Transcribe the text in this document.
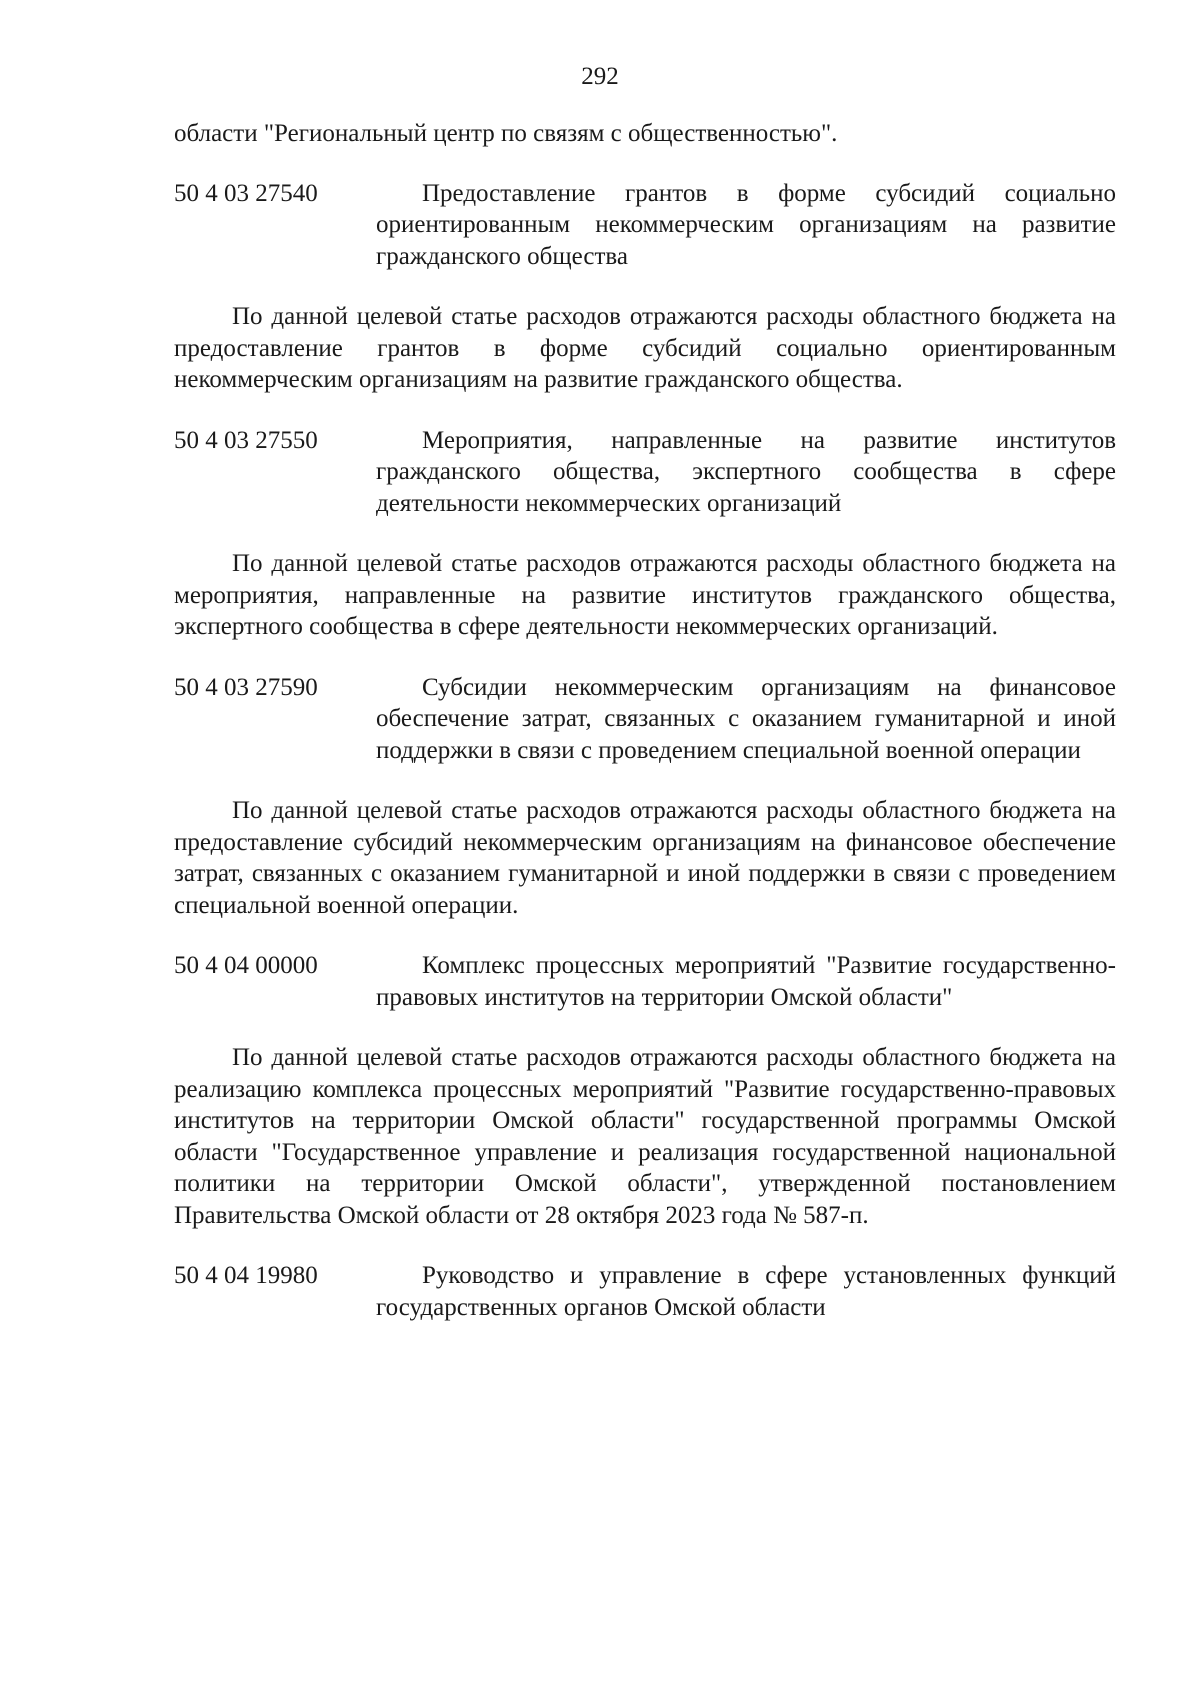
292

области "Региональный центр по связям с общественностью".

50 4 03 27540	Предоставление грантов в форме субсидий социально ориентированным некоммерческим организациям на развитие гражданского общества

По данной целевой статье расходов отражаются расходы областного бюджета на предоставление грантов в форме субсидий социально ориентированным некоммерческим организациям на развитие гражданского общества.

50 4 03 27550	Мероприятия, направленные на развитие институтов гражданского общества, экспертного сообщества в сфере деятельности некоммерческих организаций

По данной целевой статье расходов отражаются расходы областного бюджета на мероприятия, направленные на развитие институтов гражданского общества, экспертного сообщества в сфере деятельности некоммерческих организаций.

50 4 03 27590	Субсидии некоммерческим организациям на финансовое обеспечение затрат, связанных с оказанием гуманитарной и иной поддержки в связи с проведением специальной военной операции

По данной целевой статье расходов отражаются расходы областного бюджета на предоставление субсидий некоммерческим организациям на финансовое обеспечение затрат, связанных с оказанием гуманитарной и иной поддержки в связи с проведением специальной военной операции.

50 4 04 00000	Комплекс процессных мероприятий "Развитие государственно-правовых институтов на территории Омской области"

По данной целевой статье расходов отражаются расходы областного бюджета на реализацию комплекса процессных мероприятий "Развитие государственно-правовых институтов на территории Омской области" государственной программы Омской области "Государственное управление и реализация государственной национальной политики на территории Омской области", утвержденной постановлением Правительства Омской области от 28 октября 2023 года № 587-п.

50 4 04 19980	Руководство и управление в сфере установленных функций государственных органов Омской области
